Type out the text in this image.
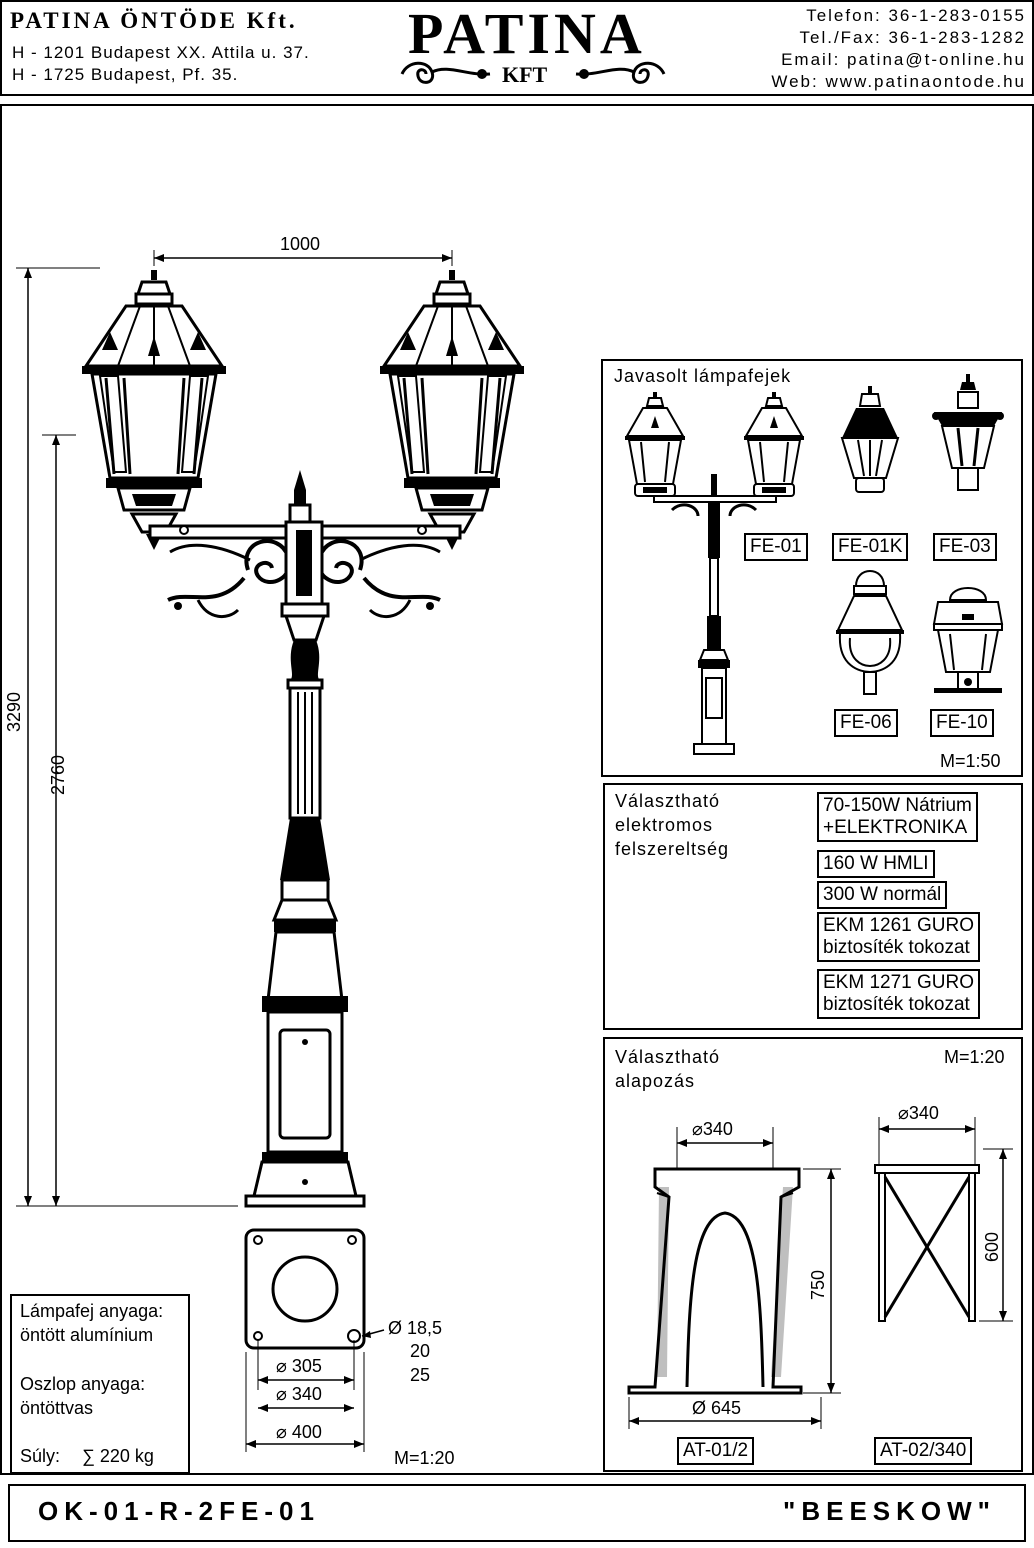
PATINA ÖNTÖDE Kft.
H - 1201 Budapest XX. Attila u. 37.
H - 1725 Budapest, Pf. 35.
PATINA
KFT
Telefon: 36-1-283-0155
Tel./Fax: 36-1-283-1282
Email: patina@t-online.hu
Web: www.patinaontode.hu
1000
3290
2760
Ø 18,5
20
25
⌀ 305
⌀ 340
⌀ 400
M=1:20
Lámpafej anyaga:
öntött alumínium
Oszlop anyaga:
öntöttvas
Súly: ∑ 220 kg
Javasolt lámpafejek
FE-01	FE-01K	FE-03
FE-06	FE-10
M=1:50
Választható
elektromos
felszereltség
70-150W Nátrium
+ELEKTRONIKA
160 W HMLI
300 W normál
EKM 1261 GURO
biztosíték tokozat
EKM 1271 GURO
biztosíték tokozat
Választható
alapozás
M=1:20
⌀340
750
Ø 645
AT-01/2
⌀340
600
AT-02/340
OK-01-R-2FE-01	"BEESKOW"
